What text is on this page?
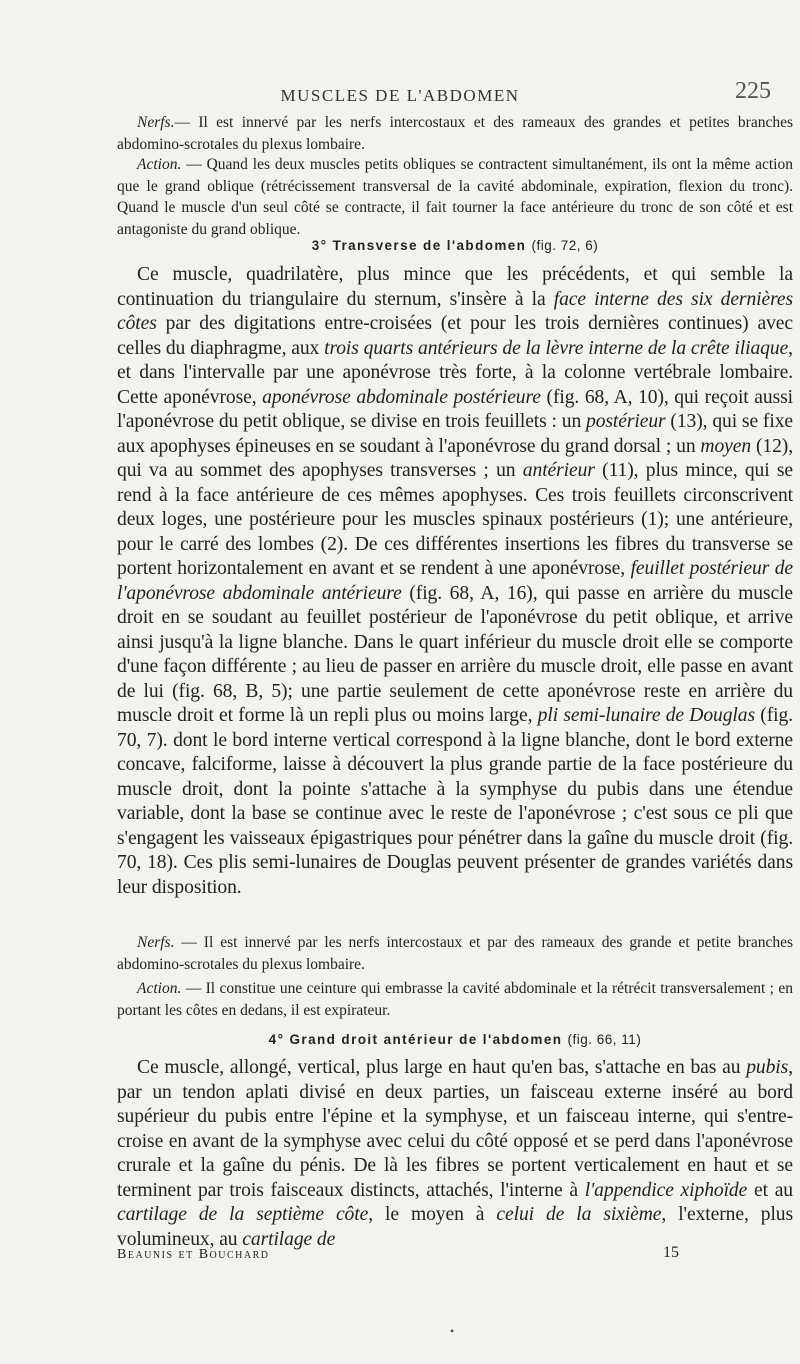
MUSCLES DE L'ABDOMEN	225
Nerfs.— Il est innervé par les nerfs intercostaux et des rameaux des grandes et petites branches abdomino-scrotales du plexus lombaire.
Action. — Quand les deux muscles petits obliques se contractent simultanément, ils ont la même action que le grand oblique (rétrécissement transversal de la cavité abdominale, expiration, flexion du tronc). Quand le muscle d'un seul côté se contracte, il fait tourner la face antérieure du tronc de son côté et est antagoniste du grand oblique.
3° Transverse de l'abdomen (fig. 72, 6)
Ce muscle, quadrilatère, plus mince que les précédents, et qui semble la continuation du triangulaire du sternum, s'insère à la face interne des six dernières côtes par des digitations entre-croisées (et pour les trois dernières continues) avec celles du diaphragme, aux trois quarts antérieurs de la lèvre interne de la crête iliaque, et dans l'intervalle par une aponévrose très forte, à la colonne vertébrale lombaire. Cette aponévrose, aponévrose abdominale postérieure (fig. 68, A, 10), qui reçoit aussi l'aponévrose du petit oblique, se divise en trois feuillets : un postérieur (13), qui se fixe aux apophyses épineuses en se soudant à l'aponévrose du grand dorsal ; un moyen (12), qui va au sommet des apophyses transverses ; un antérieur (11), plus mince, qui se rend à la face antérieure de ces mêmes apophyses. Ces trois feuillets circonscrivent deux loges, une postérieure pour les muscles spinaux postérieurs (1); une antérieure, pour le carré des lombes (2). De ces différentes insertions les fibres du transverse se portent horizontalement en avant et se rendent à une aponévrose, feuillet postérieur de l'aponévrose abdominale antérieure (fig. 68, A, 16), qui passe en arrière du muscle droit en se soudant au feuillet postérieur de l'aponévrose du petit oblique, et arrive ainsi jusqu'à la ligne blanche. Dans le quart inférieur du muscle droit elle se comporte d'une façon différente ; au lieu de passer en arrière du muscle droit, elle passe en avant de lui (fig. 68, B, 5); une partie seulement de cette aponévrose reste en arrière du muscle droit et forme là un repli plus ou moins large, pli semi-lunaire de Douglas (fig. 70, 7). dont le bord interne vertical correspond à la ligne blanche, dont le bord externe concave, falciforme, laisse à découvert la plus grande partie de la face postérieure du muscle droit, dont la pointe s'attache à la symphyse du pubis dans une étendue variable, dont la base se continue avec le reste de l'aponévrose ; c'est sous ce pli que s'engagent les vaisseaux épigastriques pour pénétrer dans la gaîne du muscle droit (fig. 70, 18). Ces plis semi-lunaires de Douglas peuvent présenter de grandes variétés dans leur disposition.
Nerfs. — Il est innervé par les nerfs intercostaux et par des rameaux des grande et petite branches abdomino-scrotales du plexus lombaire.
Action. — Il constitue une ceinture qui embrasse la cavité abdominale et la rétrécit transversalement ; en portant les côtes en dedans, il est expirateur.
4° Grand droit antérieur de l'abdomen (fig. 66, 11)
Ce muscle, allongé, vertical, plus large en haut qu'en bas, s'attache en bas au pubis, par un tendon aplati divisé en deux parties, un faisceau externe inséré au bord supérieur du pubis entre l'épine et la symphyse, et un faisceau interne, qui s'entre-croise en avant de la symphyse avec celui du côté opposé et se perd dans l'aponévrose crurale et la gaîne du pénis. De là les fibres se portent verticalement en haut et se terminent par trois faisceaux distincts, attachés, l'interne à l'appendice xiphoïde et au cartilage de la septième côte, le moyen à celui de la sixième, l'externe, plus volumineux, au cartilage de
Beaunis et Bouchard	15
•
